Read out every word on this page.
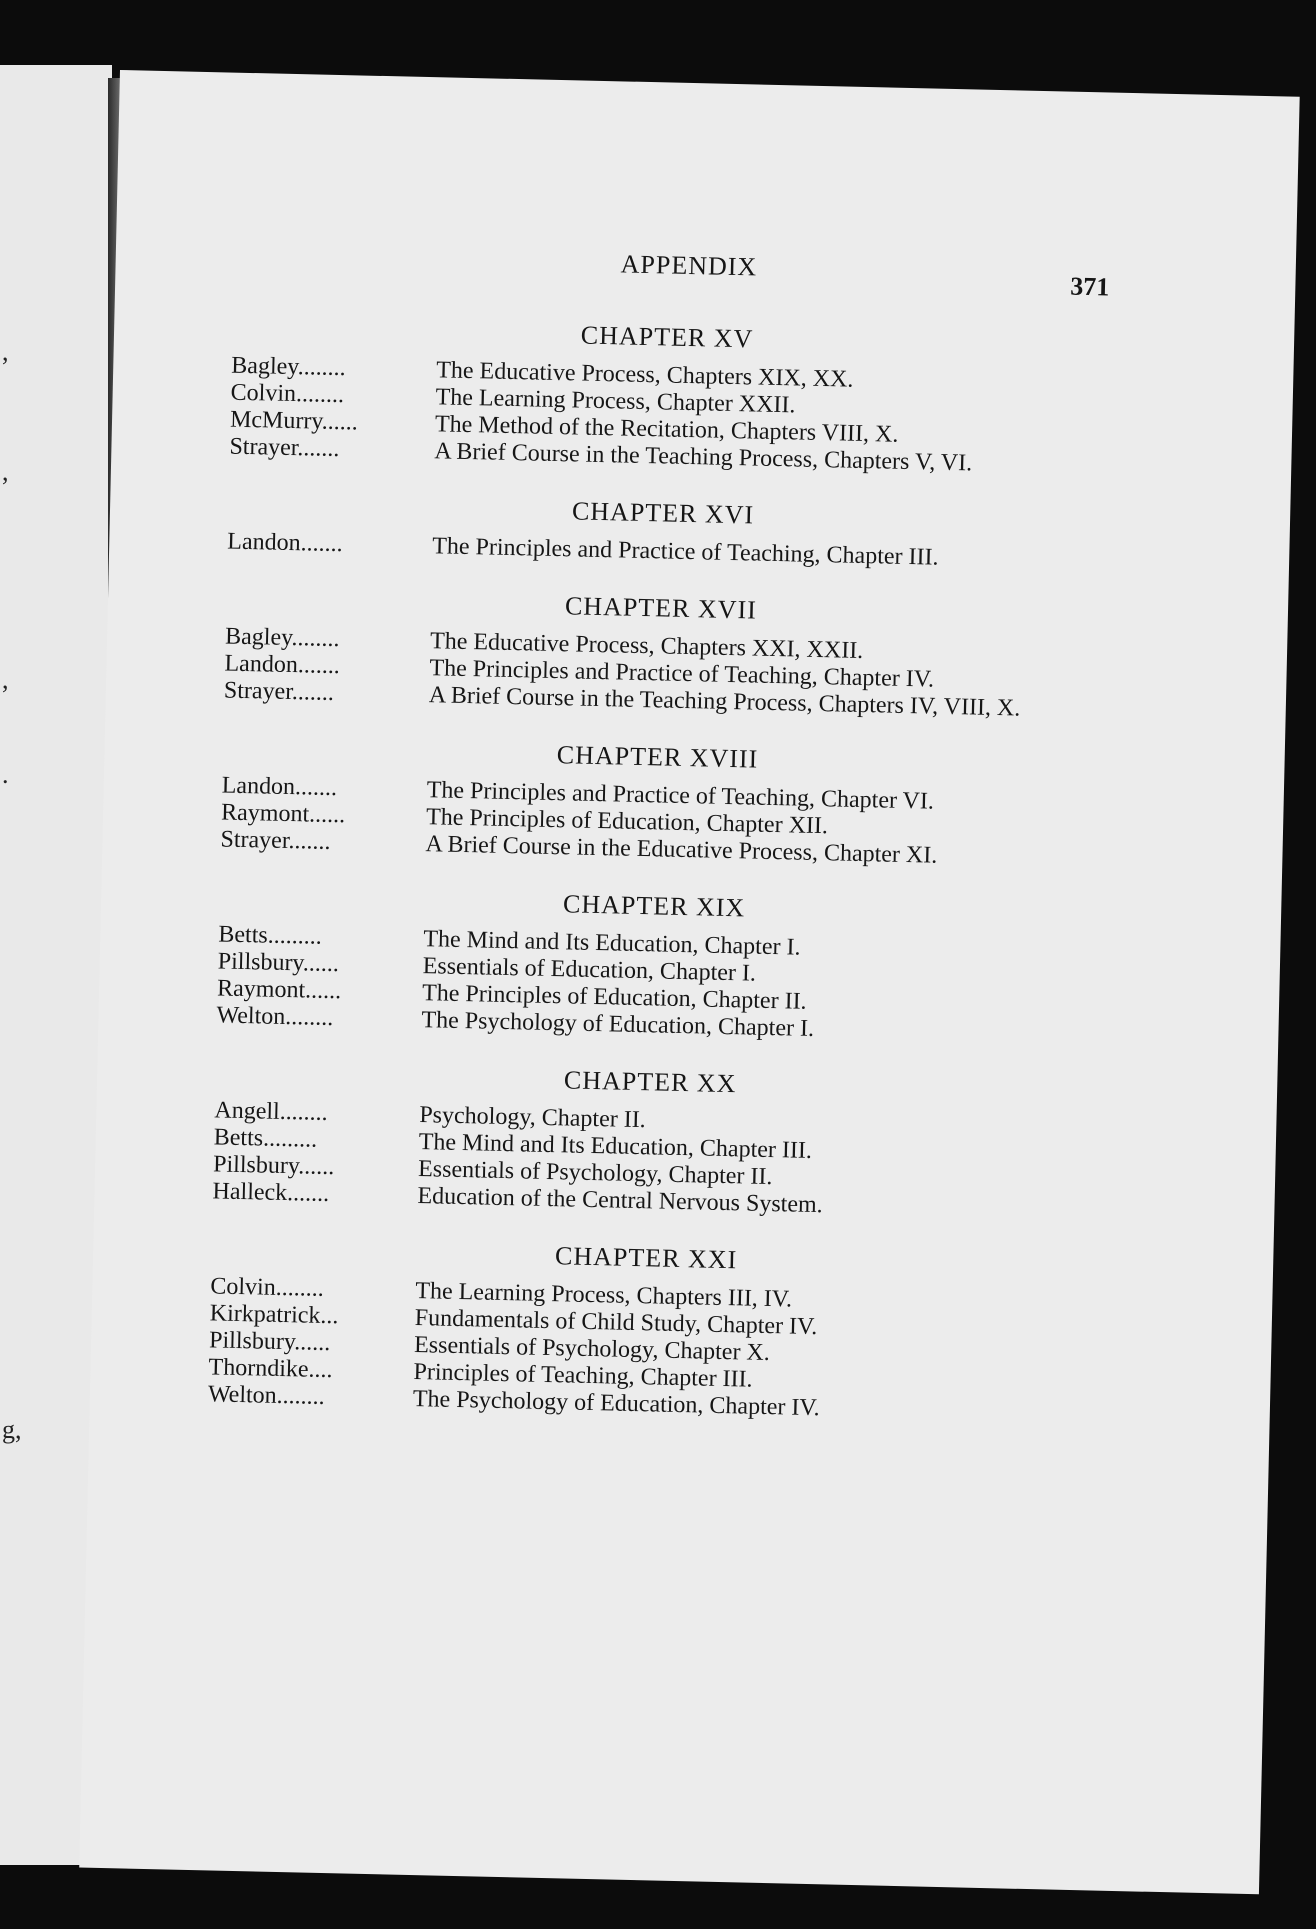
,
,
,
.
g,
APPENDIX
371
CHAPTER XV
Bagley........	The Educative Process, Chapters XIX, XX.
Colvin........	The Learning Process, Chapter XXII.
McMurry......	The Method of the Recitation, Chapters VIII, X.
Strayer.......	A Brief Course in the Teaching Process, Chapters V, VI.
CHAPTER XVI
Landon.......	The Principles and Practice of Teaching, Chapter III.
CHAPTER XVII
Bagley........	The Educative Process, Chapters XXI, XXII.
Landon.......	The Principles and Practice of Teaching, Chapter IV.
Strayer.......	A Brief Course in the Teaching Process, Chapters IV, VIII, X.
CHAPTER XVIII
Landon.......	The Principles and Practice of Teaching, Chapter VI.
Raymont......	The Principles of Education, Chapter XII.
Strayer.......	A Brief Course in the Educative Process, Chapter XI.
CHAPTER XIX
Betts.........	The Mind and Its Education, Chapter I.
Pillsbury......	Essentials of Education, Chapter I.
Raymont......	The Principles of Education, Chapter II.
Welton........	The Psychology of Education, Chapter I.
CHAPTER XX
Angell........	Psychology, Chapter II.
Betts.........	The Mind and Its Education, Chapter III.
Pillsbury......	Essentials of Psychology, Chapter II.
Halleck.......	Education of the Central Nervous System.
CHAPTER XXI
Colvin........	The Learning Process, Chapters III, IV.
Kirkpatrick...	Fundamentals of Child Study, Chapter IV.
Pillsbury......	Essentials of Psychology, Chapter X.
Thorndike....	Principles of Teaching, Chapter III.
Welton........	The Psychology of Education, Chapter IV.
